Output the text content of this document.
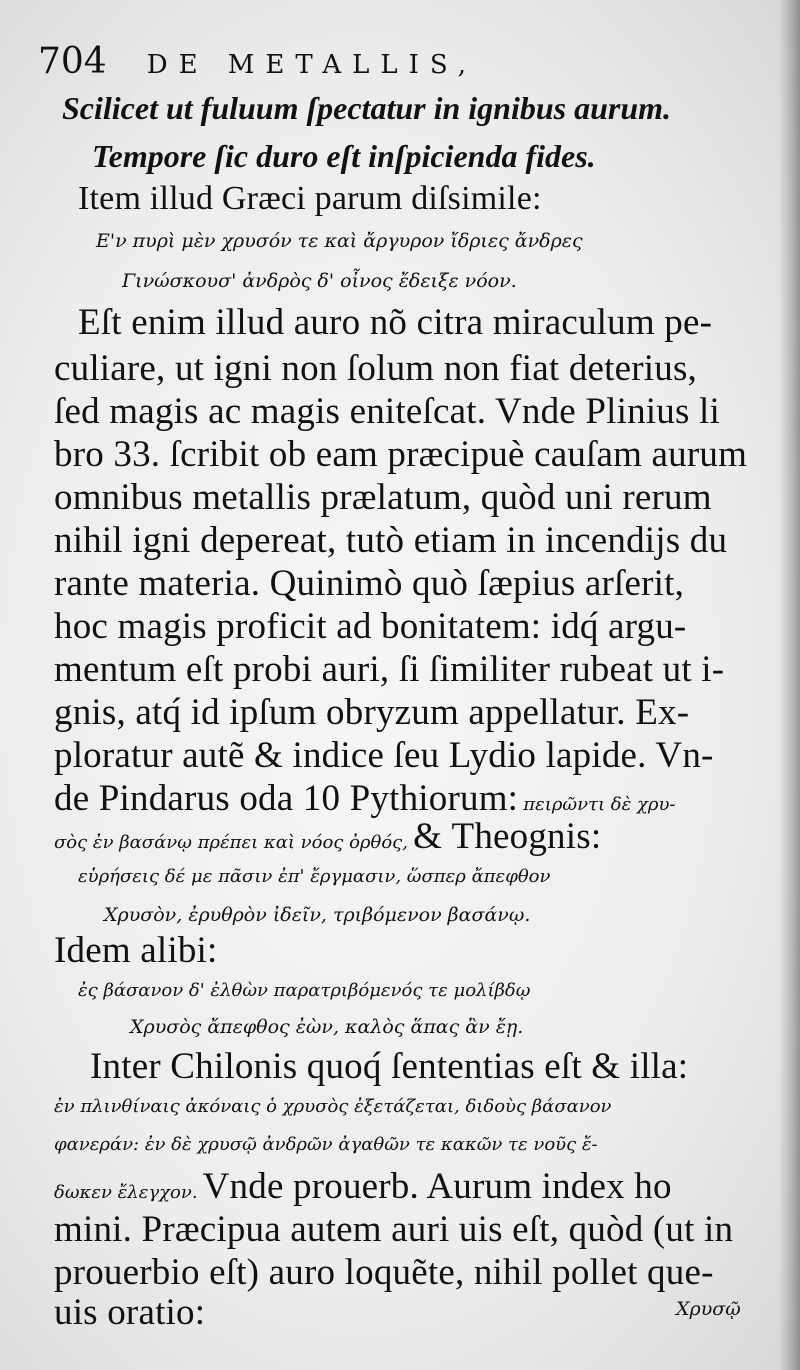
704 DE METALLIS,
Scilicet ut fuluum ſpectatur in ignibus aurum.
Tempore ſic duro eſt inſpicienda fides.
Item illud Græci parum diſsimile:
Ε'ν πυρὶ μὲν χρυσόν τε καὶ ἄργυρον ἴδριες ἄνδρες
Γινώσκουσ' ἀνδρὸς δ' οἶνος ἔδειξε νόον.
Eſt enim illud auro nõ citra miraculum pe-
culiare, ut igni non ſolum non fiat deterius,
ſed magis ac magis eniteſcat. Vnde Plinius li
bro 33. ſcribit ob eam præcipuè cauſam aurum
omnibus metallis prælatum, quòd uni rerum
nihil igni depereat, tutò etiam in incendijs du
rante materia. Quinimò quò ſæpius arſerit,
hoc magis proficit ad bonitatem: idq́ argu-
mentum eſt probi auri, ſi ſimiliter rubeat ut i-
gnis, atq́ id ipſum obryzum appellatur. Ex-
ploratur autẽ & indice ſeu Lydio lapide. Vn-
de Pindarus oda 10 Pythiorum: πειρῶντι δὲ χρυ-
σὸς ἐν βασάνῳ πρέπει καὶ νόος ὀρθός, & Theognis:
εὑρήσεις δέ με πᾶσιν ἐπ' ἔργμασιν, ὥσπερ ἄπεφθον
Χρυσὸν, ἐρυθρὸν ἰδεῖν, τριβόμενον βασάνῳ.
Idem alibi:
ἐς βάσανον δ' ἐλθὼν παρατριβόμενός τε μολίβδῳ
Χρυσὸς ἄπεφθος ἐὼν, καλὸς ἅπας ἂν ἔῃ.
Inter Chilonis quoq́ ſententias eſt & illa:
ἐν πλινθίναις ἀκόναις ὁ χρυσὸς ἐξετάζεται, διδοὺς βάσανον
φανεράν: ἐν δὲ χρυσῷ ἀνδρῶν ἀγαθῶν τε κακῶν τε νοῦς ἔ-
δωκεν ἔλεγχον. Vnde prouerb. Aurum index ho
mini. Præcipua autem auri uis eſt, quòd (ut in
prouerbio eſt) auro loquẽte, nihil pollet que-
uis oratio:	Χρυσῷ
